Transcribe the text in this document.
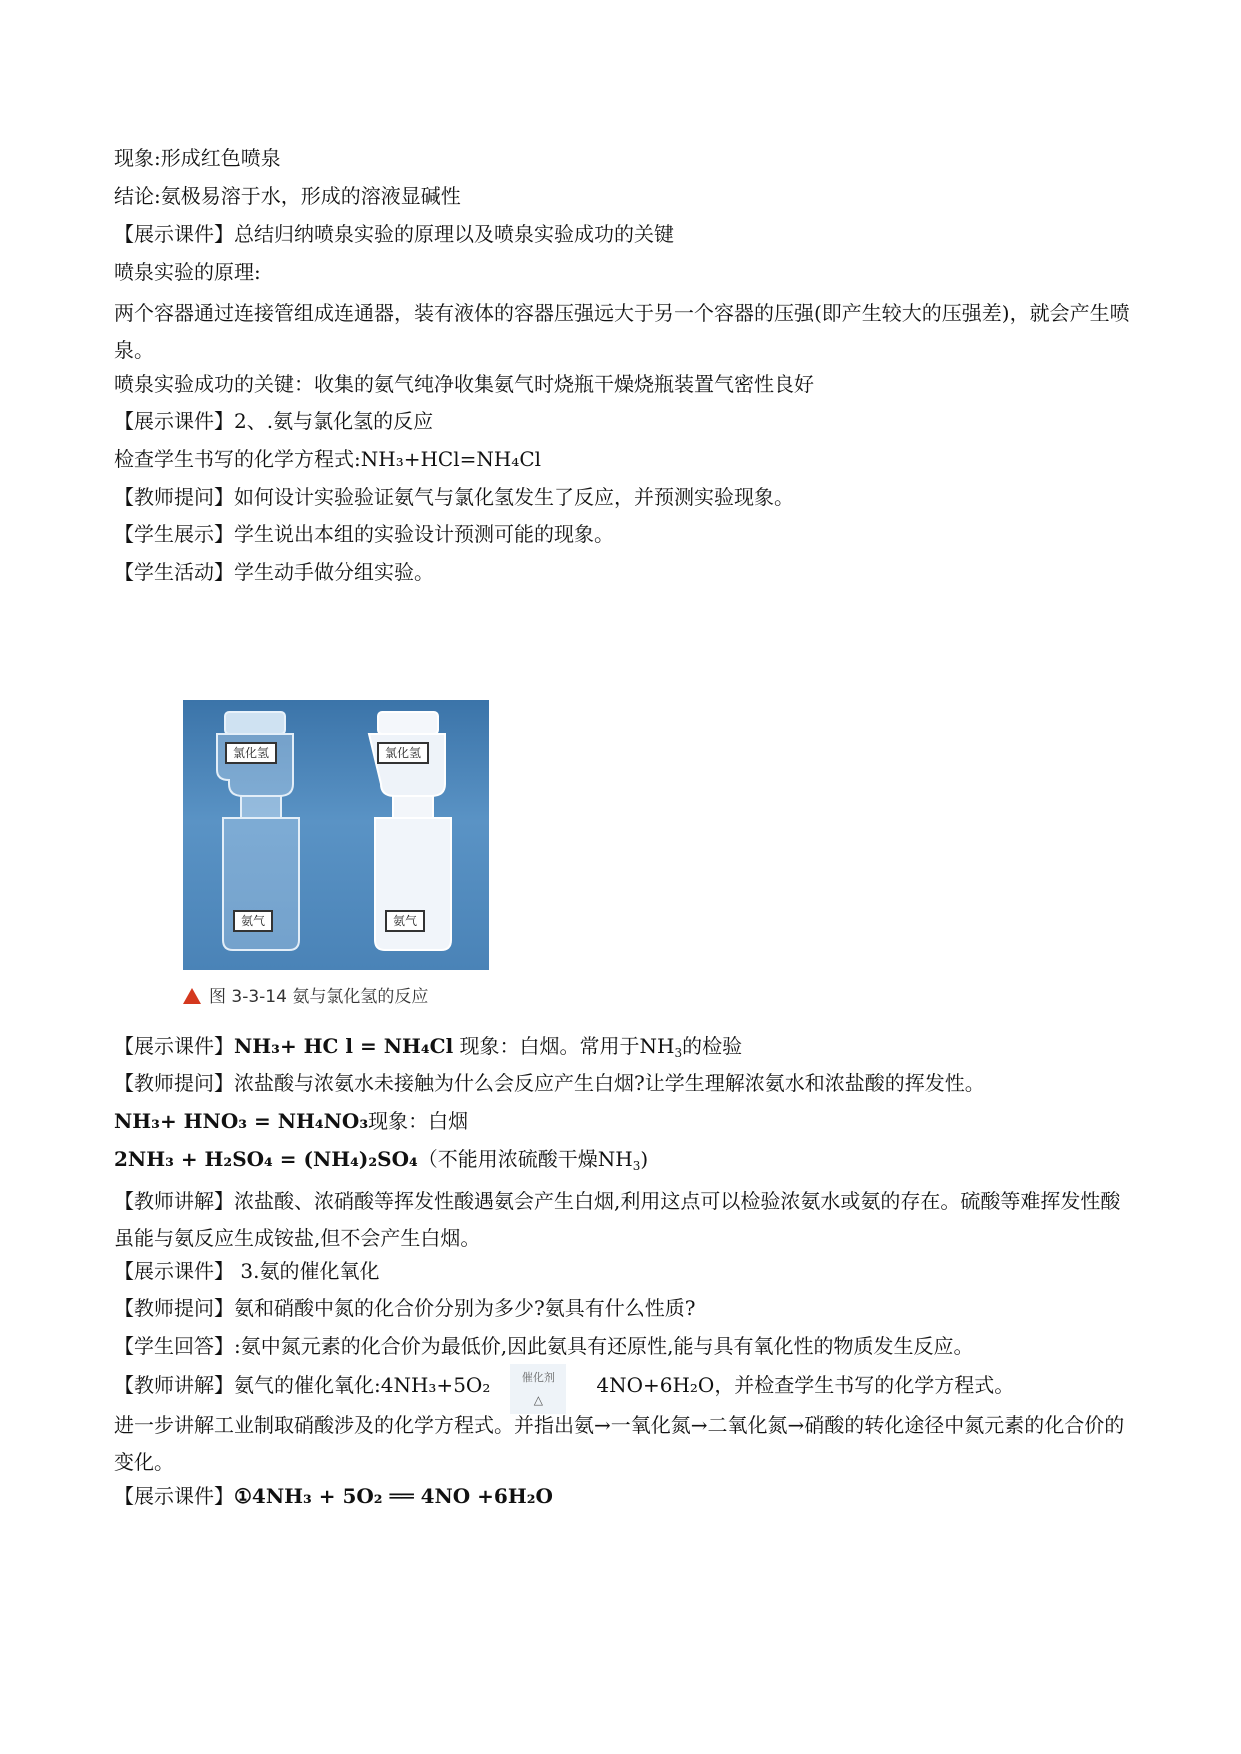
现象:形成红色喷泉
结论:氨极易溶于水，形成的溶液显碱性
【展示课件】总结归纳喷泉实验的原理以及喷泉实验成功的关键
喷泉实验的原理:
两个容器通过连接管组成连通器，装有液体的容器压强远大于另一个容器的压强(即产生较大的压强差)，就会产生喷泉。
喷泉实验成功的关键：收集的氨气纯净收集氨气时烧瓶干燥烧瓶装置气密性良好
【展示课件】2、.氨与氯化氢的反应
检查学生书写的化学方程式:NH₃+HCl=NH₄Cl
【教师提问】如何设计实验验证氨气与氯化氢发生了反应，并预测实验现象。
【学生展示】学生说出本组的实验设计预测可能的现象。
【学生活动】学生动手做分组实验。
氯化氢
氨气
氯化氢
氨气
图 3-3-14 氨与氯化氢的反应
【展示课件】NH₃+ HC l = NH₄Cl 现象：白烟。常用于$NH_3$的检验
【教师提问】浓盐酸与浓氨水未接触为什么会反应产生白烟?让学生理解浓氨水和浓盐酸的挥发性。
NH₃+ HNO₃ = NH₄NO₃现象：白烟
2NH₃ + H₂SO₄ = (NH₄)₂SO₄（不能用浓硫酸干燥$NH_3$)
【教师讲解】浓盐酸、浓硝酸等挥发性酸遇氨会产生白烟,利用这点可以检验浓氨水或氨的存在。硫酸等难挥发性酸虽能与氨反应生成铵盐,但不会产生白烟。
【展示课件】 3.氨的催化氧化
【教师提问】氨和硝酸中氮的化合价分别为多少?氨具有什么性质?
【学生回答】:氨中氮元素的化合价为最低价,因此氨具有还原性,能与具有氧化性的物质发生反应。
【教师讲解】氨气的催化氧化:4NH₃+5O₂	催化剂
△
4NO+6H₂O，并检查学生书写的化学方程式。
进一步讲解工业制取硝酸涉及的化学方程式。并指出氨→一氧化氮→二氧化氮→硝酸的转化途径中氮元素的化合价的变化。
【展示课件】①4NH₃ + 5O₂ ══ 4NO +6H₂O
